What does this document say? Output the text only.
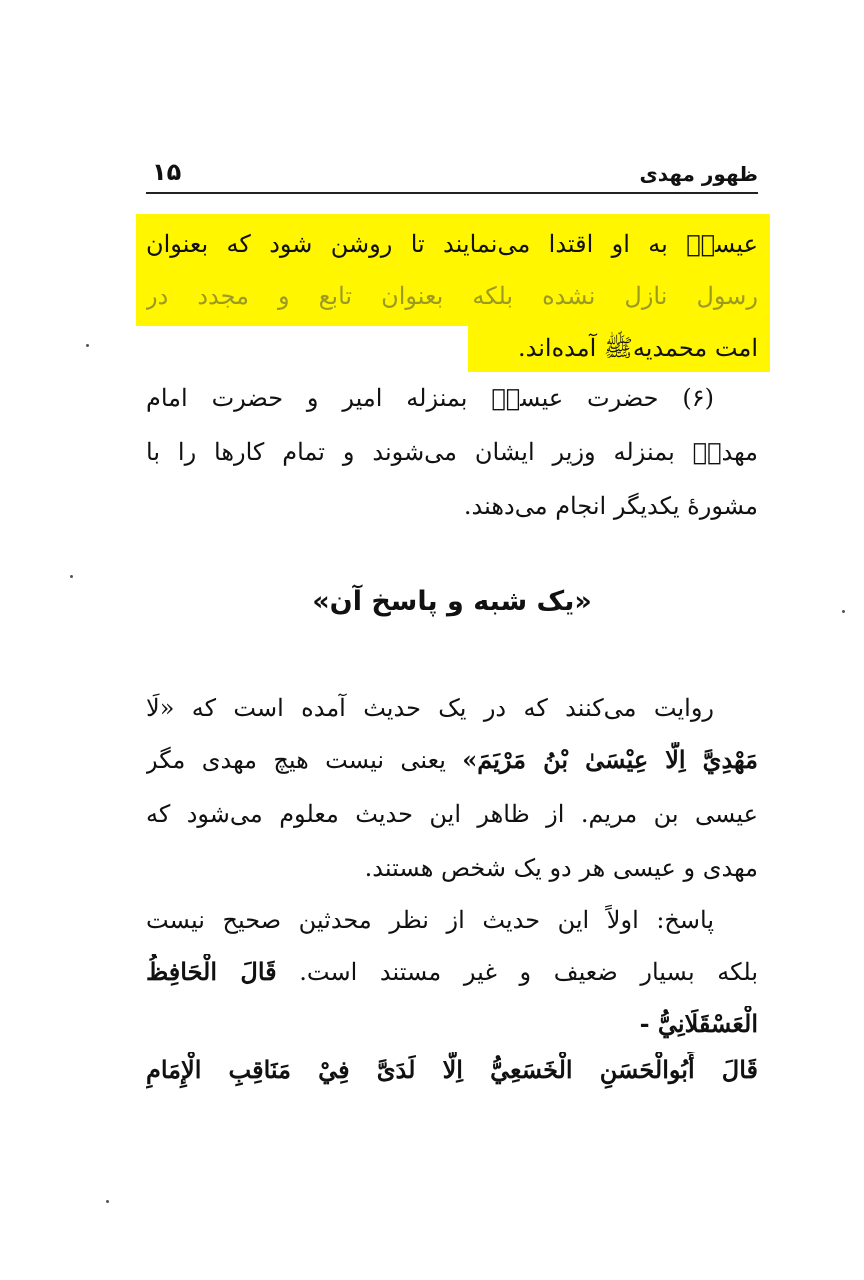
ظهور مهدی
۱۵
عیسیؑ به او اقتدا می‌نمایند تا روشن شود که بعنوان
رسول نازل نشده بلکه بعنوان تابع و مجدد در
امت محمدیهﷺ آمده‌اند.
(۶) حضرت عیسیؑ بمنزله امیر و حضرت امام
مهدیؓ بمنزله وزیر ایشان می‌شوند و تمام کارها را با
مشورهٔ یکدیگر انجام می‌دهند.
«یک شبه و پاسخ آن»
روایت می‌کنند که در یک حدیث آمده است که «لَا
مَهْدِيَّ اِلَّا عِيْسَىٰ بْنُ مَرْيَمَ» یعنی نیست هیچ مهدی مگر
عیسی بن مریم. از ظاهر این حدیث معلوم می‌شود که
مهدی و عیسی هر دو یک شخص هستند.
پاسخ: اولاً این حدیث از نظر محدثین صحیح نیست
بلکه بسیار ضعیف و غیر مستند است. قَالَ الْحَافِظُ
الْعَسْقَلَانِيُّ -
قَالَ أَبُوالْحَسَنِ الْخَسَعِيُّ اِلَّا لَدَىَّ فِيْ مَنَاقِبِ الْإِمَامِ
